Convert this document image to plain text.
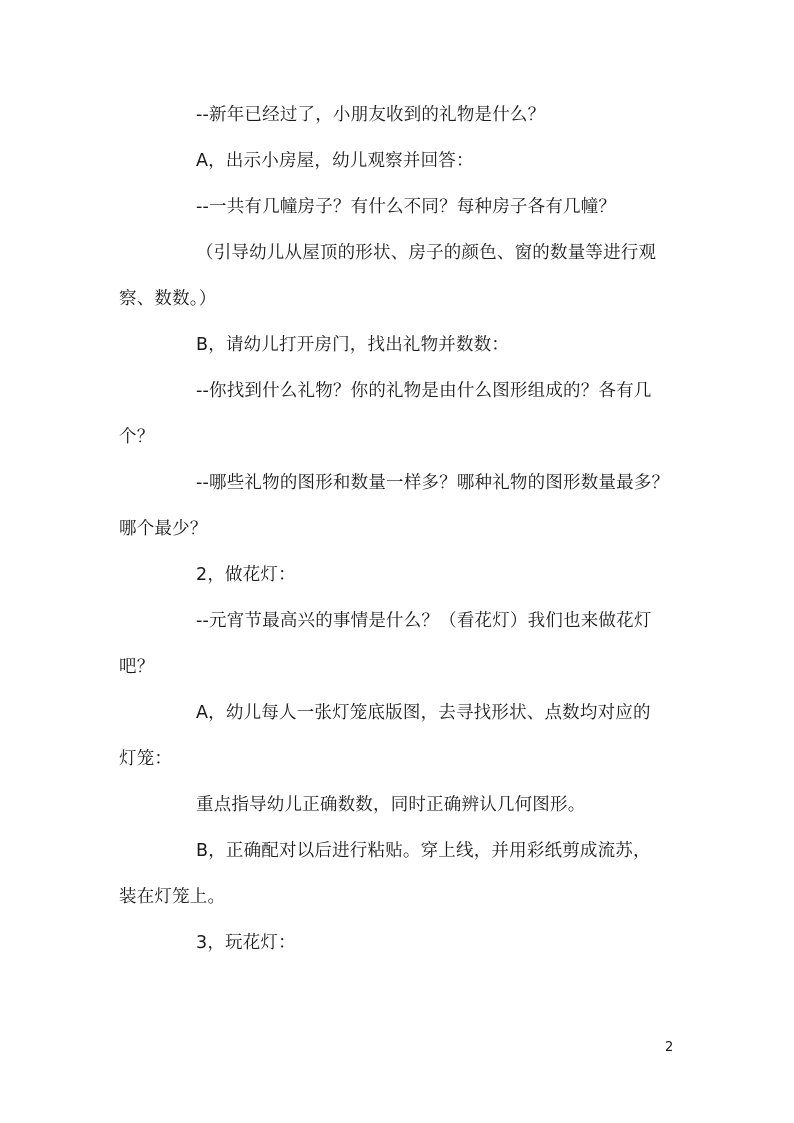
--新年已经过了，小朋友收到的礼物是什么？
A，出示小房屋，幼儿观察并回答：
--一共有几幢房子？有什么不同？每种房子各有几幢？
（引导幼儿从屋顶的形状、房子的颜色、窗的数量等进行观
察、数数。）
B，请幼儿打开房门，找出礼物并数数：
--你找到什么礼物？你的礼物是由什么图形组成的？各有几
个？
--哪些礼物的图形和数量一样多？哪种礼物的图形数量最多？
哪个最少？
2，做花灯：
--元宵节最高兴的事情是什么？（看花灯）我们也来做花灯
吧？
A，幼儿每人一张灯笼底版图，去寻找形状、点数均对应的
灯笼：
重点指导幼儿正确数数，同时正确辨认几何图形。
B，正确配对以后进行粘贴。穿上线，并用彩纸剪成流苏，
装在灯笼上。
3，玩花灯：
2
